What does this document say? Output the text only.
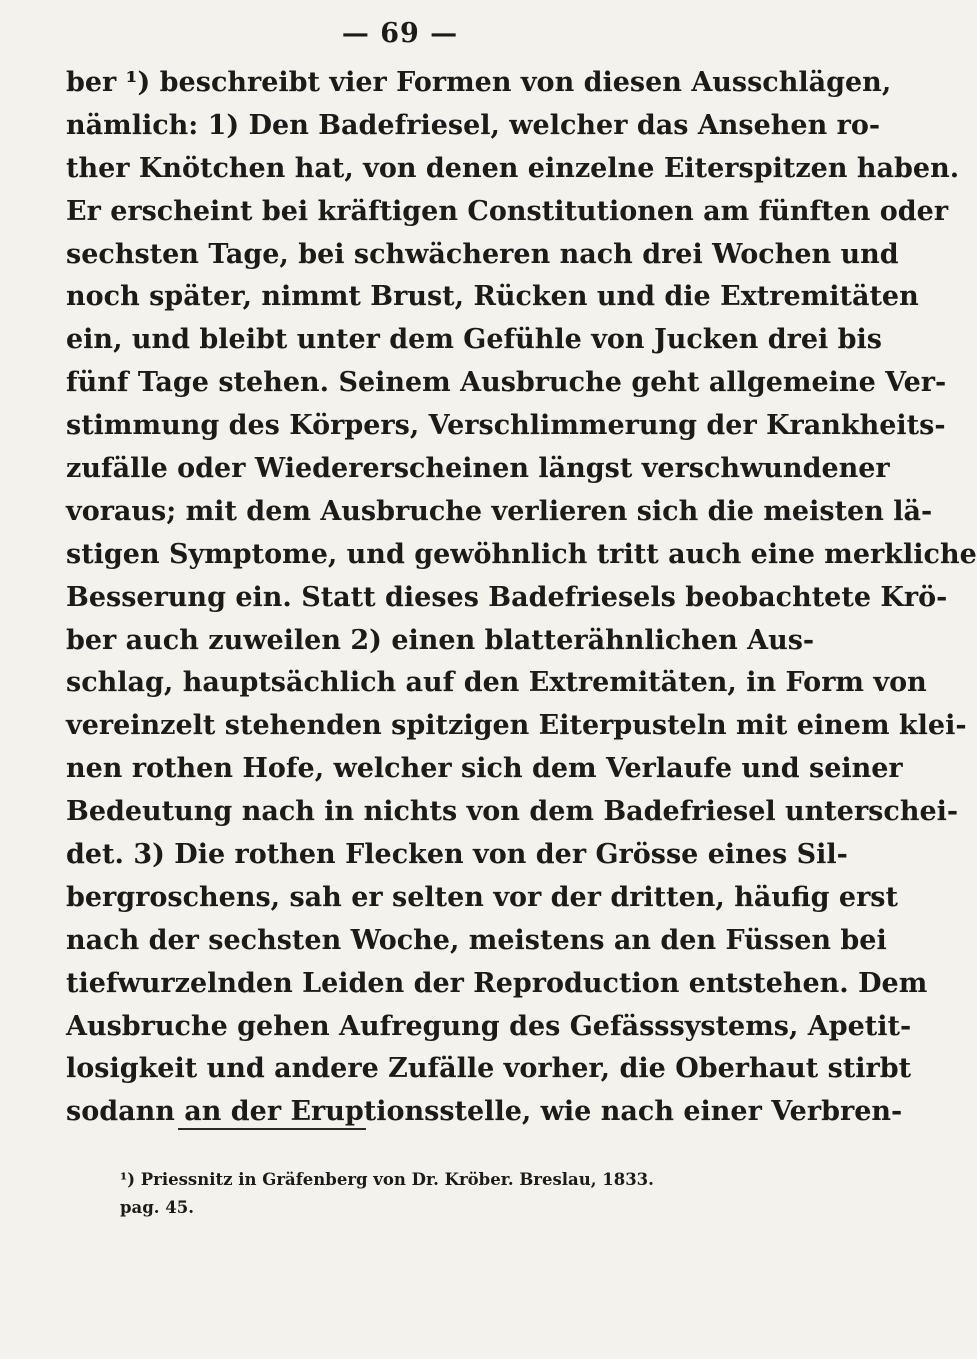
— 69 —
ber ¹) beschreibt vier Formen von diesen Ausschlägen,
nämlich: 1) Den Badefriesel, welcher das Ansehen ro-
ther Knötchen hat, von denen einzelne Eiterspitzen haben.
Er erscheint bei kräftigen Constitutionen am fünften oder
sechsten Tage, bei schwächeren nach drei Wochen und
noch später, nimmt Brust, Rücken und die Extremitäten
ein, und bleibt unter dem Gefühle von Jucken drei bis
fünf Tage stehen. Seinem Ausbruche geht allgemeine Ver-
stimmung des Körpers, Verschlimmerung der Krankheits-
zufälle oder Wiedererscheinen längst verschwundener
voraus; mit dem Ausbruche verlieren sich die meisten lä-
stigen Symptome, und gewöhnlich tritt auch eine merkliche
Besserung ein. Statt dieses Badefriesels beobachtete Krö-
ber auch zuweilen 2) einen blatterähnlichen Aus-
schlag, hauptsächlich auf den Extremitäten, in Form von
vereinzelt stehenden spitzigen Eiterpusteln mit einem klei-
nen rothen Hofe, welcher sich dem Verlaufe und seiner
Bedeutung nach in nichts von dem Badefriesel unterschei-
det. 3) Die rothen Flecken von der Grösse eines Sil-
bergroschens, sah er selten vor der dritten, häufig erst
nach der sechsten Woche, meistens an den Füssen bei
tiefwurzelnden Leiden der Reproduction entstehen. Dem
Ausbruche gehen Aufregung des Gefässsystems, Apetit-
losigkeit und andere Zufälle vorher, die Oberhaut stirbt
sodann an der Eruptionsstelle, wie nach einer Verbren-
¹) Priessnitz in Gräfenberg von Dr. Kröber. Breslau, 1833.
pag. 45.
